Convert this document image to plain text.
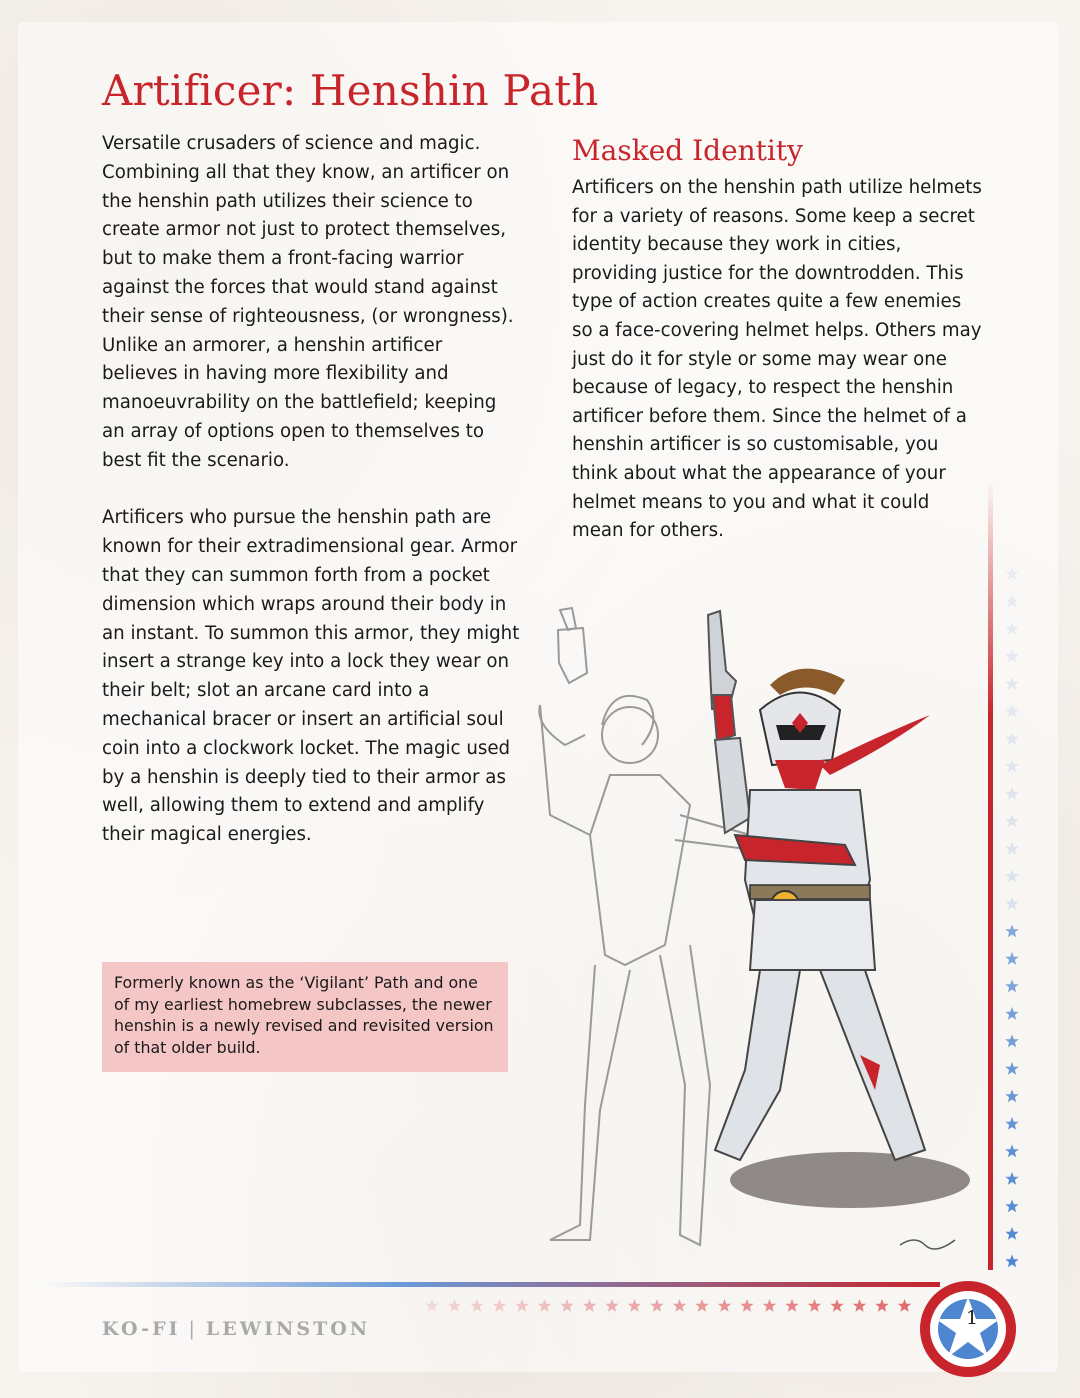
Artificer: Henshin Path

Versatile crusaders of science and magic. Combining all that they know, an artificer on the henshin path utilizes their science to create armor not just to protect themselves, but to make them a front-facing warrior against the forces that would stand against their sense of righteousness, (or wrongness). Unlike an armorer, a henshin artificer believes in having more flexibility and manoeuvrability on the battlefield; keeping an array of options open to themselves to best fit the scenario.

Artificers who pursue the henshin path are known for their extradimensional gear. Armor that they can summon forth from a pocket dimension which wraps around their body in an instant. To summon this armor, they might insert a strange key into a lock they wear on their belt; slot an arcane card into a mechanical bracer or insert an artificial soul coin into a clockwork locket. The magic used by a henshin is deeply tied to their armor as well, allowing them to extend and amplify their magical energies.

Formerly known as the ‘Vigilant’ Path and one of my earliest homebrew subclasses, the newer henshin is a newly revised and revisited version of that older build.
Masked Identity

Artificers on the henshin path utilize helmets for a variety of reasons. Some keep a secret identity because they work in cities, providing justice for the downtrodden. This type of action creates quite a few enemies so a face-covering helmet helps. Others may just do it for style or some may wear one because of legacy, to respect the henshin artificer before them. Since the helmet of a henshin artificer is so customisable, you think about what the appearance of your helmet means to you and what it could mean for others.

KO-FI | LEWINSTON	1
